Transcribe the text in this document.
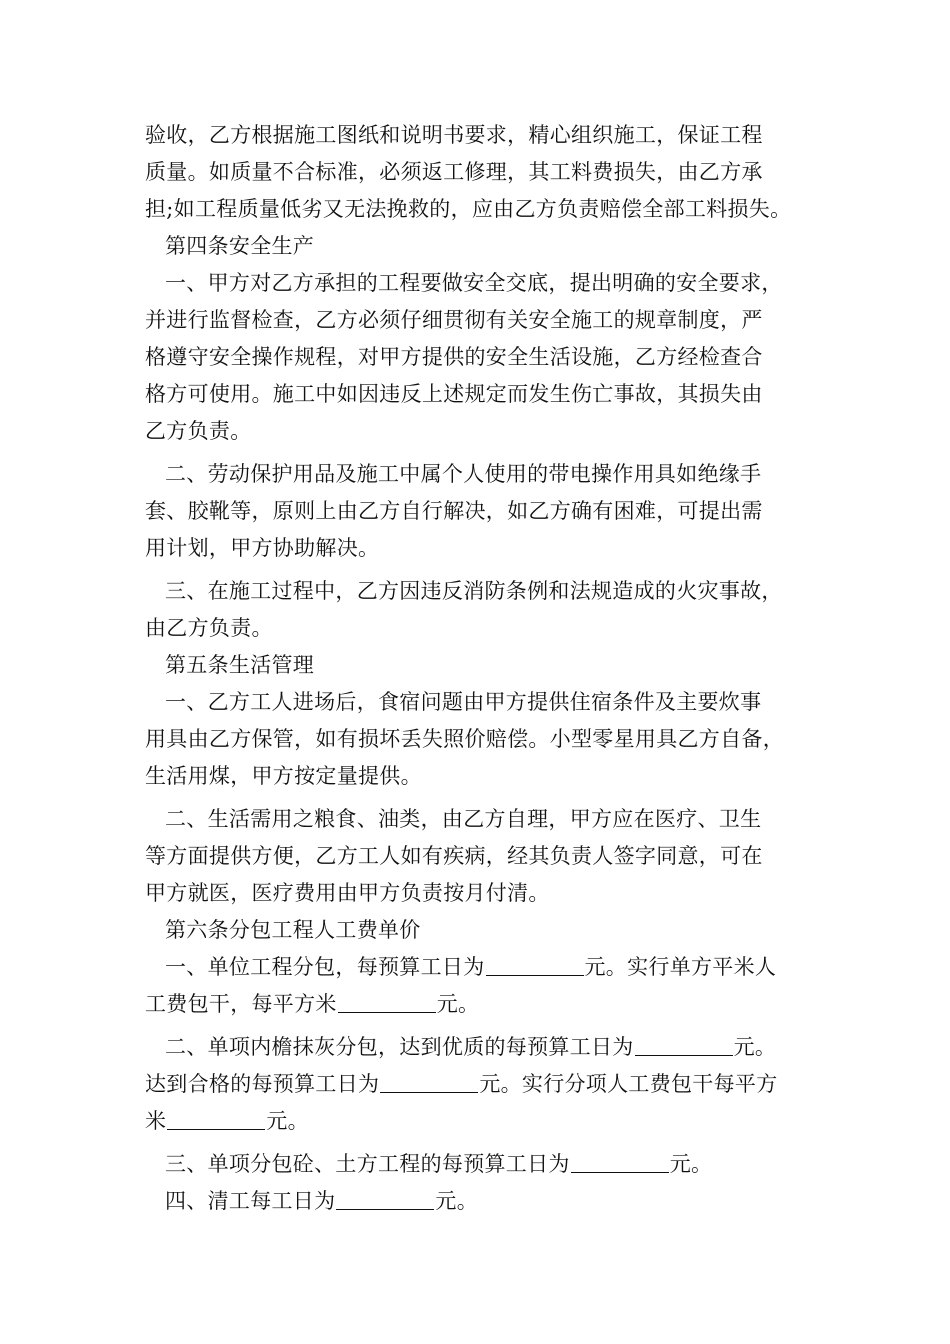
验收，乙方根据施工图纸和说明书要求，精心组织施工，保证工程
质量。如质量不合标准，必须返工修理，其工料费损失，由乙方承
担;如工程质量低劣又无法挽救的，应由乙方负责赔偿全部工料损失。
第四条安全生产
一、甲方对乙方承担的工程要做安全交底，提出明确的安全要求，
并进行监督检查，乙方必须仔细贯彻有关安全施工的规章制度，严
格遵守安全操作规程，对甲方提供的安全生活设施，乙方经检查合
格方可使用。施工中如因违反上述规定而发生伤亡事故，其损失由
乙方负责。
二、劳动保护用品及施工中属个人使用的带电操作用具如绝缘手
套、胶靴等，原则上由乙方自行解决，如乙方确有困难，可提出需
用计划，甲方协助解决。
三、在施工过程中，乙方因违反消防条例和法规造成的火灾事故，
由乙方负责。
第五条生活管理
一、乙方工人进场后，食宿问题由甲方提供住宿条件及主要炊事
用具由乙方保管，如有损坏丢失照价赔偿。小型零星用具乙方自备，
生活用煤，甲方按定量提供。
二、生活需用之粮食、油类，由乙方自理，甲方应在医疗、卫生
等方面提供方便，乙方工人如有疾病，经其负责人签字同意，可在
甲方就医，医疗费用由甲方负责按月付清。
第六条分包工程人工费单价
一、单位工程分包，每预算工日为	元。实行单方平米人
工费包干，每平方米	元。
二、单项内檐抹灰分包，达到优质的每预算工日为	元。
达到合格的每预算工日为	元。实行分项人工费包干每平方
米	元。
三、单项分包砼、土方工程的每预算工日为	元。
四、清工每工日为	元。
